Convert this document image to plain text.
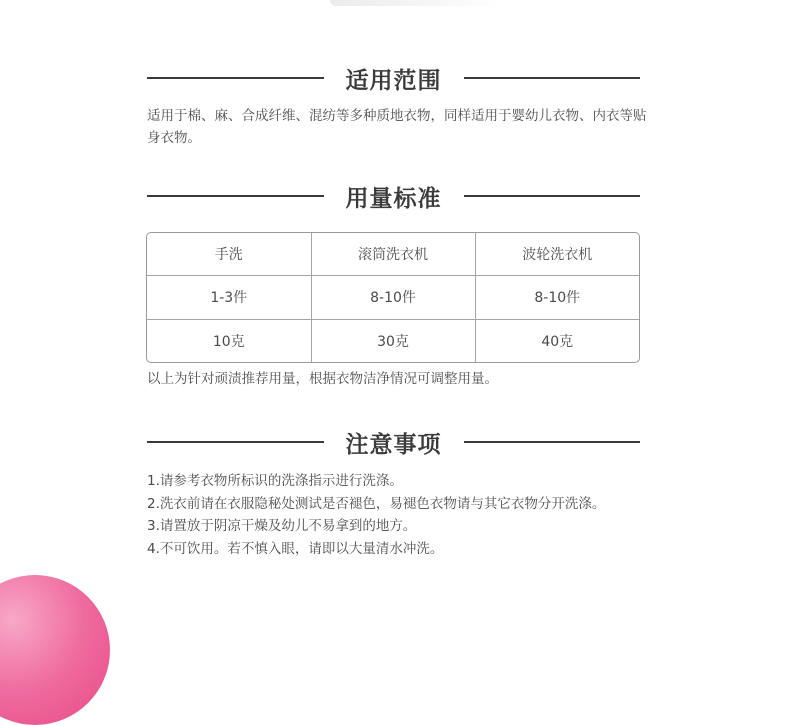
适用范围
适用于棉、麻、合成纤维、混纺等多种质地衣物，同样适用于婴幼儿衣物、内衣等贴身衣物。
用量标准
手洗	滚筒洗衣机	波轮洗衣机
1-3件	8-10件	8-10件
10克	30克	40克
以上为针对顽渍推荐用量，根据衣物洁净情况可调整用量。
注意事项
1.请参考衣物所标识的洗涤指示进行洗涤。
2.洗衣前请在衣服隐秘处测试是否褪色，易褪色衣物请与其它衣物分开洗涤。
3.请置放于阴凉干燥及幼儿不易拿到的地方。
4.不可饮用。若不慎入眼，请即以大量清水冲洗。
